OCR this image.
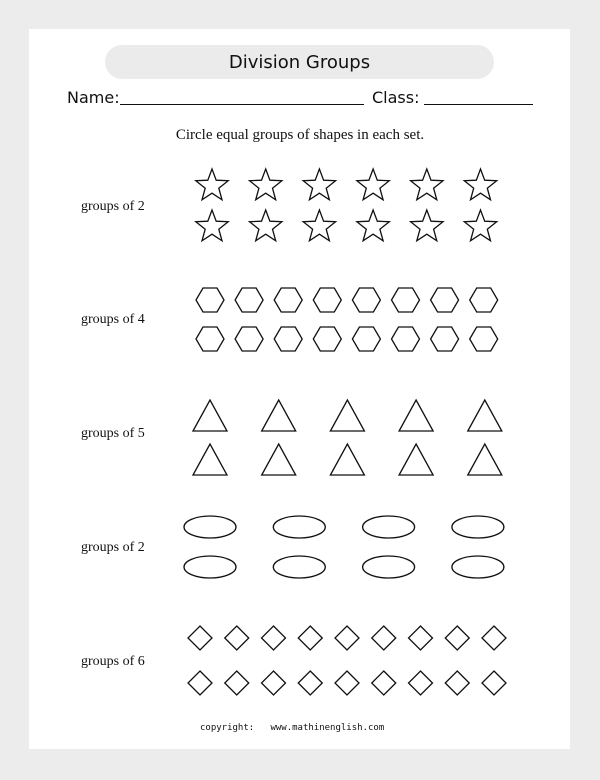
Division Groups
Name:	Class:
Circle equal groups of shapes in each set.
groups of 2
groups of 4
groups of 5
groups of 2
groups of 6
copyright: www.mathinenglish.com
